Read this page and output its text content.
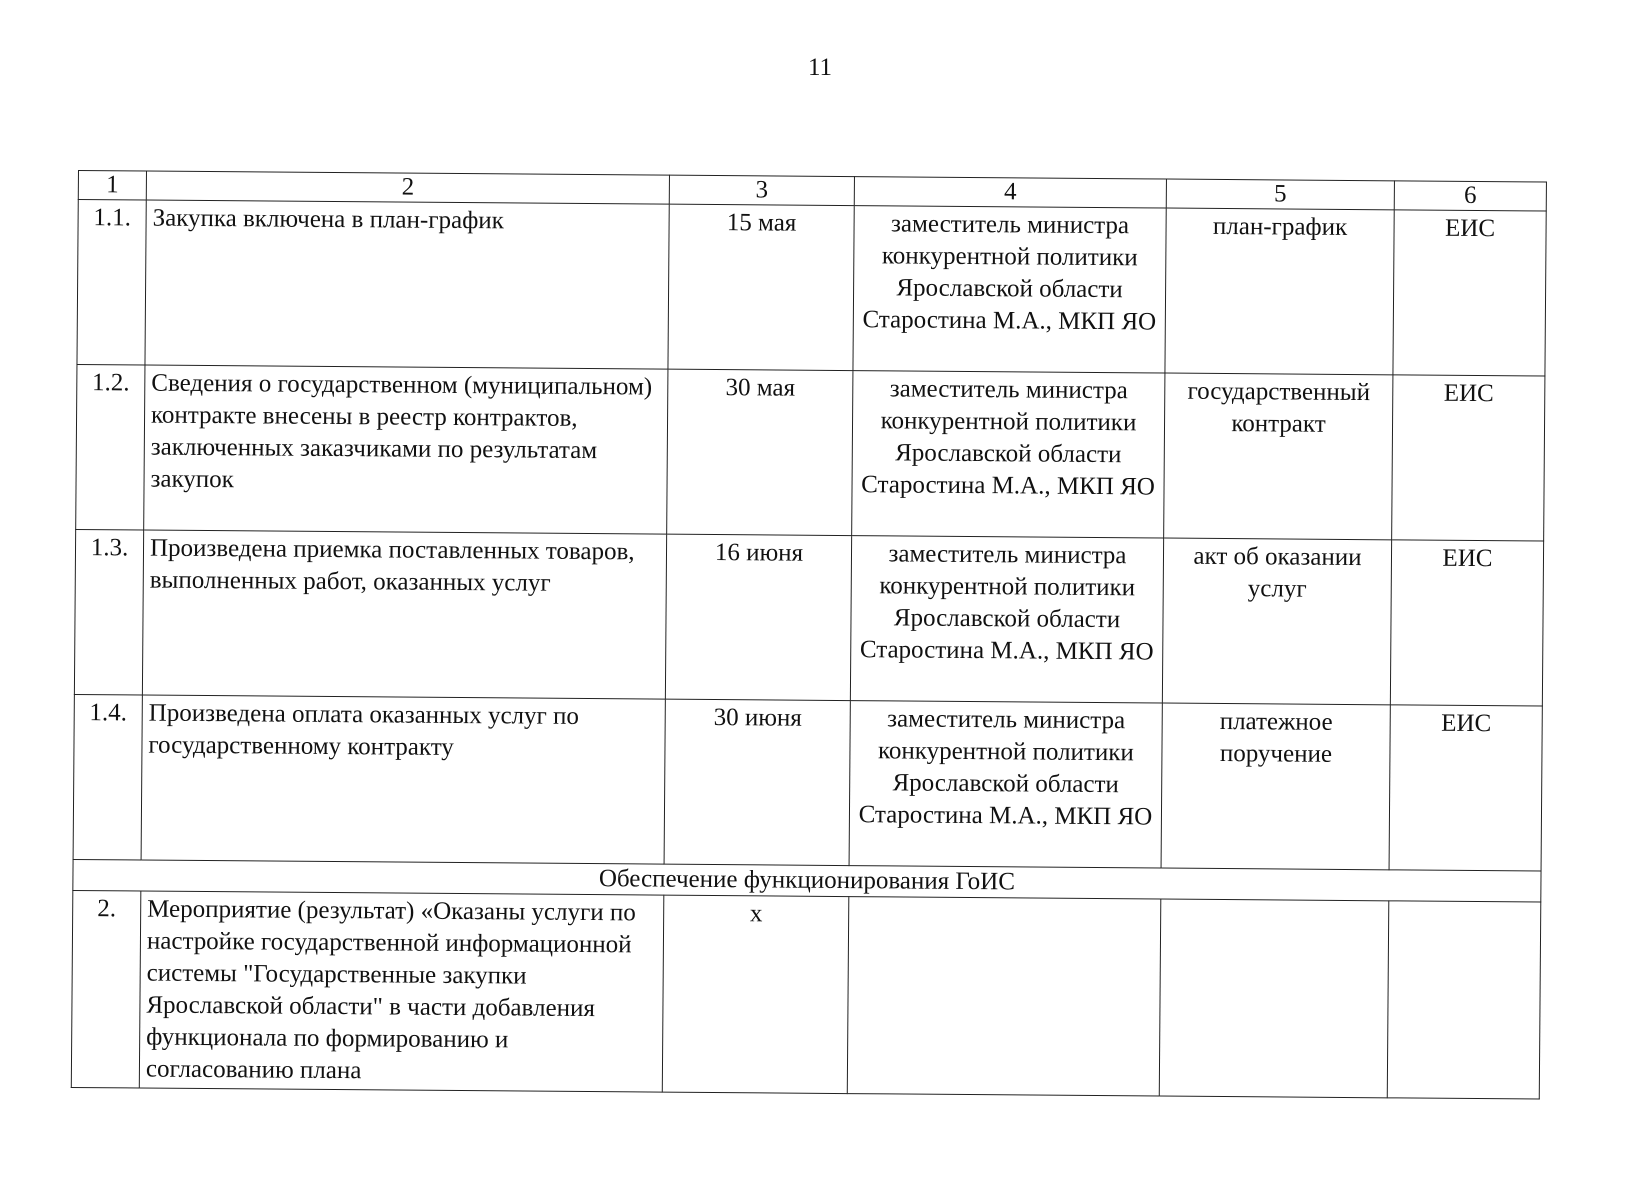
11
1	2	3	4	5	6
1.1.	Закупка включена в план-график	15 мая	заместитель министра конкурентной политики Ярославской области Старостина М.А., МКП ЯО	план-график	ЕИС
1.2.	Сведения о государственном (муниципальном) контракте внесены в реестр контрактов, заключенных заказчиками по результатам закупок	30 мая	заместитель министра конкурентной политики Ярославской области Старостина М.А., МКП ЯО	государственный контракт	ЕИС
1.3.	Произведена приемка поставленных товаров, выполненных работ, оказанных услуг	16 июня	заместитель министра конкурентной политики Ярославской области Старостина М.А., МКП ЯО	акт об оказании услуг	ЕИС
1.4.	Произведена оплата оказанных услуг по государственному контракту	30 июня	заместитель министра конкурентной политики Ярославской области Старостина М.А., МКП ЯО	платежное поручение	ЕИС
Обеспечение функционирования ГоИС					
2.	Мероприятие (результат) «Оказаны услуги по настройке государственной информационной системы "Государственные закупки Ярославской области" в части добавления функционала по формированию и согласованию плана	х			
